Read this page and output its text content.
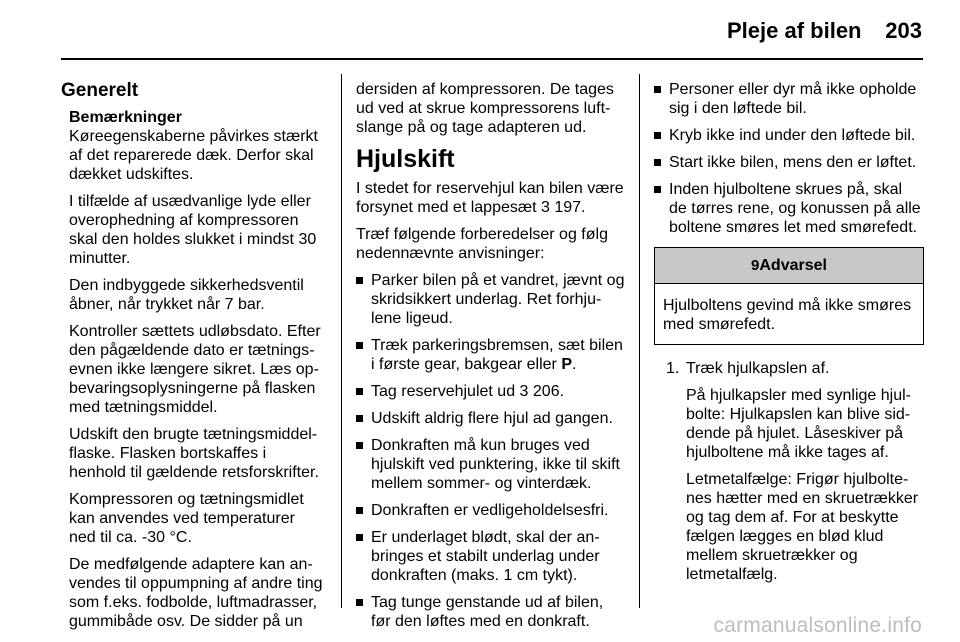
Pleje af bilen	203
Generelt
Bemærkninger

Køreegenskaberne påvirkes stærkt af det reparerede dæk. Derfor skal dækket udskiftes.

I tilfælde af usædvanlige lyde eller overophedning af kompressoren skal den holdes slukket i mindst 30 minutter.

Den indbyggede sikkerhedsventil åbner, når trykket når 7 bar.

Kontroller sættets udløbsdato. Efter den pågældende dato er tætningsevnen ikke længere sikret. Læs opbevaringsoplysningerne på flasken med tætningsmiddel.

Udskift den brugte tætningsmiddelflaske. Flasken bortskaffes i henhold til gældende retsforskrifter.

Kompressoren og tætningsmidlet kan anvendes ved temperaturer ned til ca. -30 °C.

De medfølgende adaptere kan anvendes til oppumpning af andre ting som f.eks. fodbolde, luftmadrasser, gummibåde osv. De sidder på un

dersiden af kompressoren. De tages ud ved at skrue kompressorens luftslange på og tage adapteren ud.

Hjulskift

I stedet for reservehjul kan bilen være forsynet med et lappesæt 3 197.

Træf følgende forberedelser og følg nedennævnte anvisninger:

Parker bilen på et vandret, jævnt og skridsikkert underlag. Ret forhjulene ligeud.
Træk parkeringsbremsen, sæt bilen i første gear, bakgear eller P.
Tag reservehjulet ud 3 206.
Udskift aldrig flere hjul ad gangen.
Donkraften må kun bruges ved hjulskift ved punktering, ikke til skift mellem sommer- og vinterdæk.
Donkraften er vedligeholdelsesfri.
Er underlaget blødt, skal der anbringes et stabilt underlag under donkraften (maks. 1 cm tykt).
Tag tunge genstande ud af bilen, før den løftes med en donkraft.
Personer eller dyr må ikke opholde sig i den løftede bil.
Kryb ikke ind under den løftede bil.
Start ikke bilen, mens den er løftet.
Inden hjulboltene skrues på, skal de tørres rene, og konussen på alle boltene smøres let med smørefedt.
9Advarsel
Hjulboltens gevind må ikke smøres med smørefedt.
1. Træk hjulkapslen af.

På hjulkapsler med synlige hjulbolte: Hjulkapslen kan blive siddende på hjulet. Låseskiver på hjulboltene må ikke tages af.

Letmetalfælge: Frigør hjulboltenes hætter med en skruetrækker og tag dem af. For at beskytte fælgen lægges en blød klud mellem skruetrækker og letmetalfælg.

carmanualsonline.info
